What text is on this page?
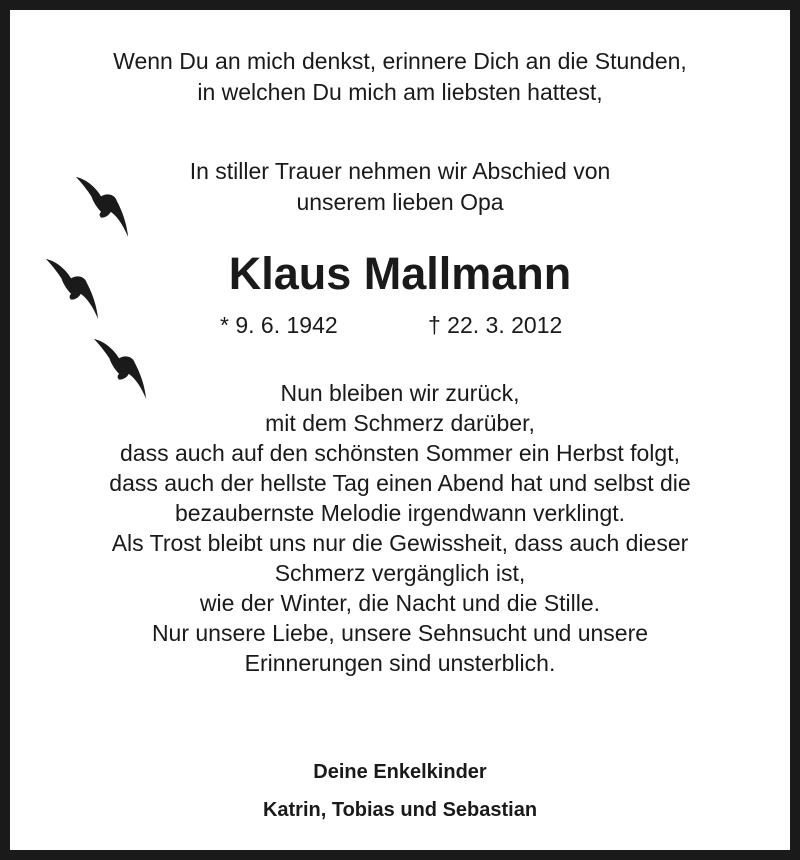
Wenn Du an mich denkst, erinnere Dich an die Stunden,

in welchen Du mich am liebsten hattest,

In stiller Trauer nehmen wir Abschied von

unserem lieben Opa

Klaus Mallmann
* 9. 6. 1942	† 22. 3. 2012

Nun bleiben wir zurück,

mit dem Schmerz darüber,

dass auch auf den schönsten Sommer ein Herbst folgt,

dass auch der hellste Tag einen Abend hat und selbst die

bezaubernste Melodie irgendwann verklingt.

Als Trost bleibt uns nur die Gewissheit, dass auch dieser

Schmerz vergänglich ist,

wie der Winter, die Nacht und die Stille.

Nur unsere Liebe, unsere Sehnsucht und unsere

Erinnerungen sind unsterblich.

Deine Enkelkinder

Katrin, Tobias und Sebastian
